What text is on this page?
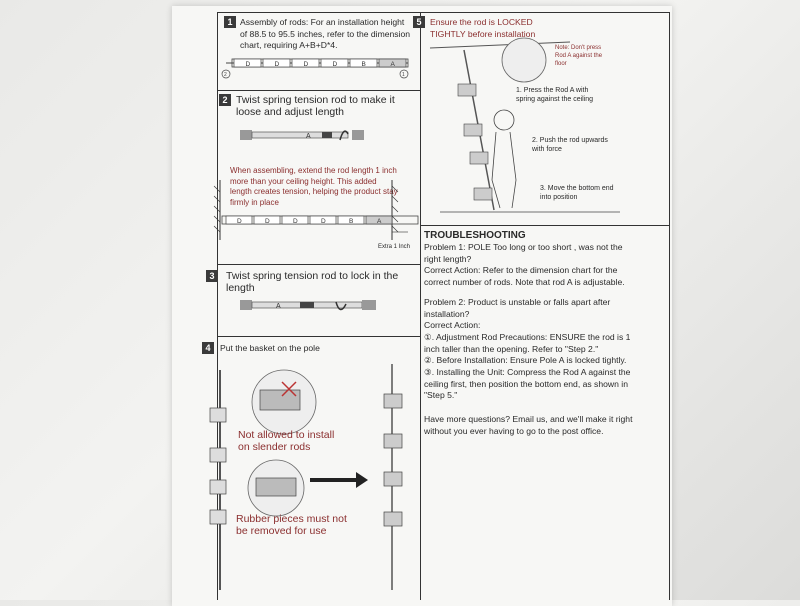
1 Assembly of rods: For an installation height of 88.5 to 95.5 inches, refer to the dimension chart, requiring A+B+D*4.
D	D	D	D	B	A
2	1
2 Twist spring tension rod to make it loose and adjust length
A
When assembling, extend the rod length 1 inch more than your ceiling height. This added length creates tension, helping the product stay firmly in place
D	D	D	D	B	A
Extra 1 Inch
3	Twist spring tension rod to lock in the length
A
4	Put the basket on the pole
Not allowed to install on slender rods
Rubber pieces must not be removed for use
5 Ensure the rod is LOCKED TIGHTLY before installation
Note: Don't press Rod A against the floor
1. Press the Rod A with spring against the ceiling
2. Push the rod upwards with force
3. Move the bottom end into position
TROUBLESHOOTING
Problem 1: POLE Too long or too short , was not the right length?
Correct Action: Refer to the dimension chart for the correct number of rods. Note that rod A is adjustable.
Problem 2: Product is unstable or falls apart after installation?
Correct Action:
①. Adjustment Rod Precautions: ENSURE the rod is 1 inch taller than the opening. Refer to "Step 2."
②. Before Installation: Ensure Pole A is locked tightly.
③. Installing the Unit: Compress the Rod A against the ceiling first, then position the bottom end, as shown in "Step 5."
Have more questions? Email us, and we'll make it right without you ever having to go to the post office.
